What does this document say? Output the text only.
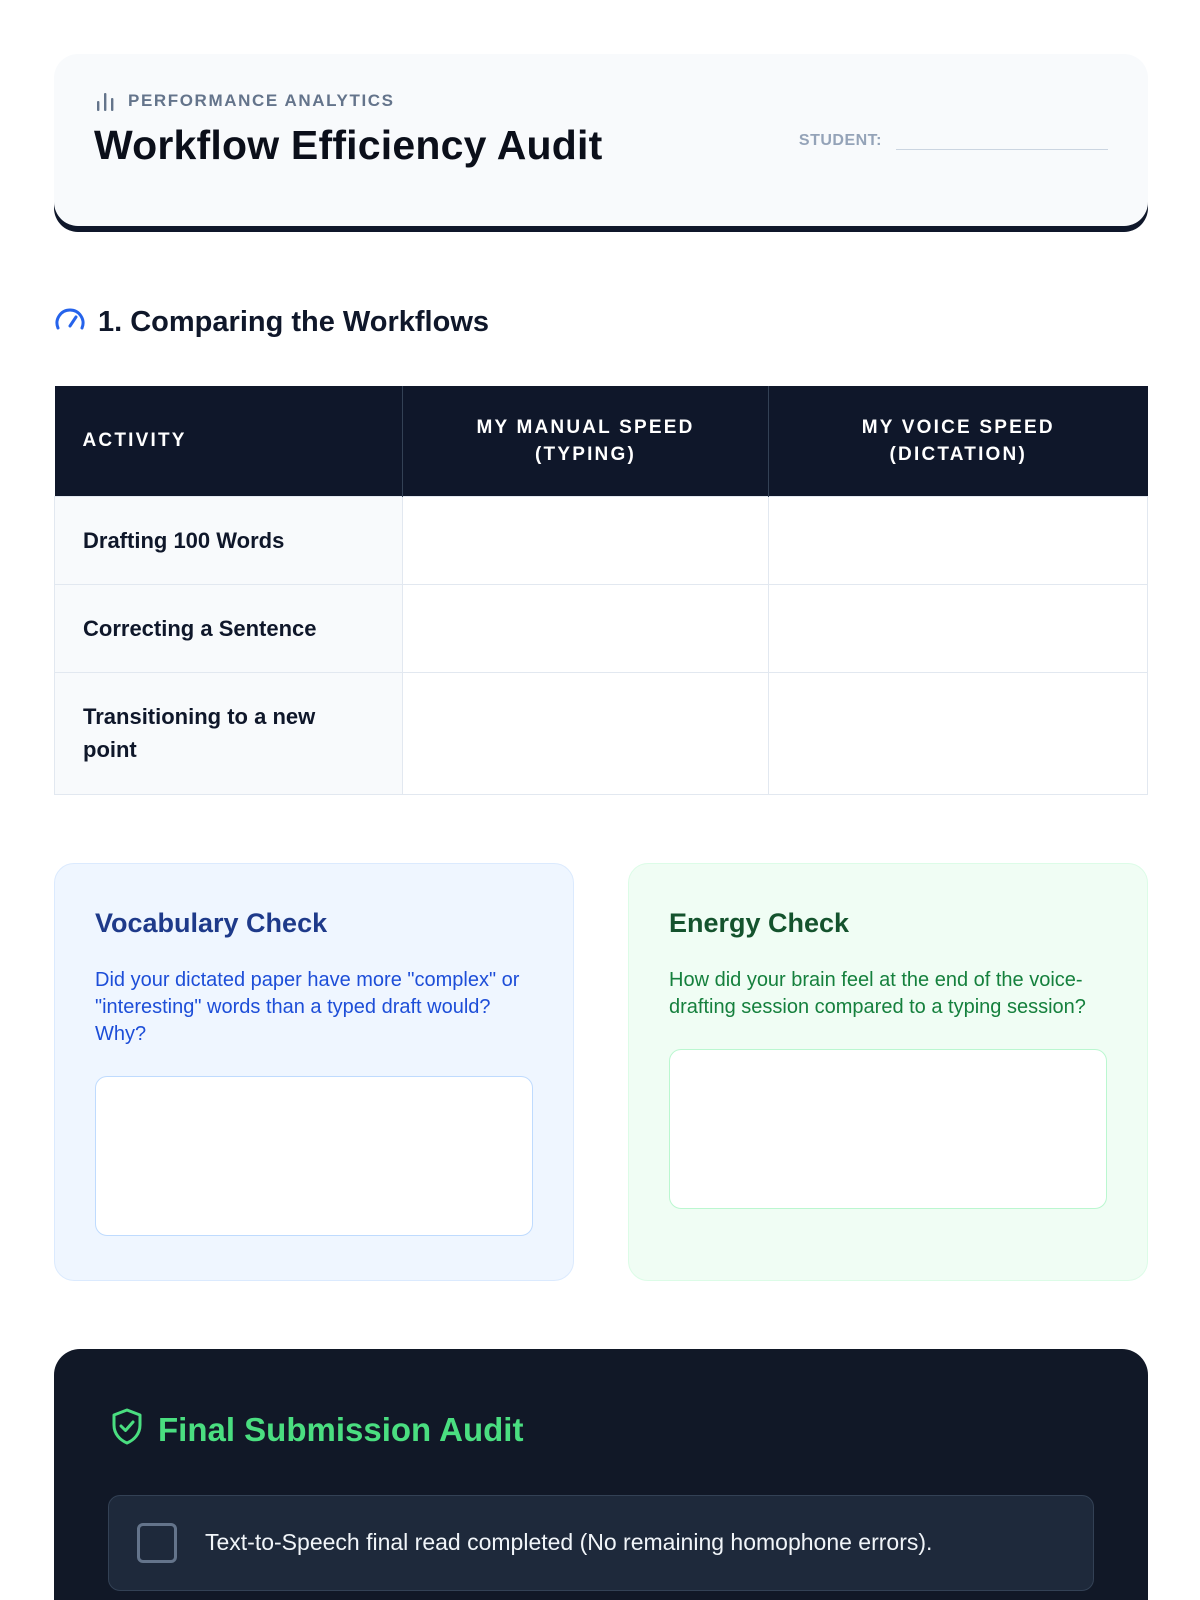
PERFORMANCE ANALYTICS
Workflow Efficiency Audit	STUDENT:
1. Comparing the Workflows
ACTIVITY	MY MANUAL SPEED (TYPING)	MY VOICE SPEED (DICTATION)
Drafting 100 Words		
Correcting a Sentence		
Transitioning to a new point		
Vocabulary Check
Did your dictated paper have more "complex" or "interesting" words than a typed draft would? Why?
Energy Check
How did your brain feel at the end of the voice-drafting session compared to a typing session?
Final Submission Audit
Text-to-Speech final read completed (No remaining homophone errors).
